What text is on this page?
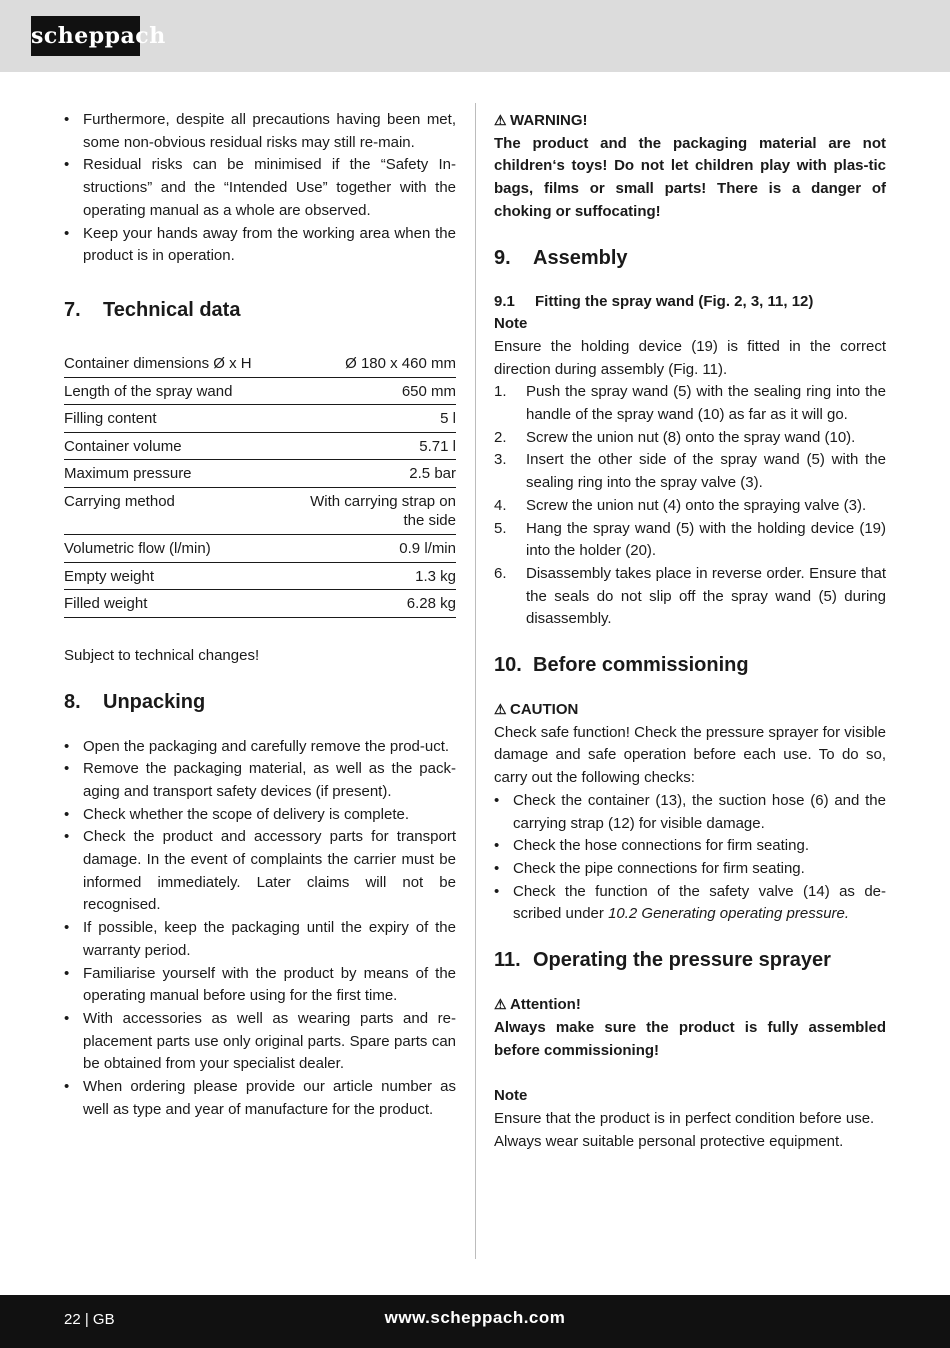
scheppach
• Furthermore, despite all precautions having been met, some non-obvious residual risks may still re-main.
• Residual risks can be minimised if the “Safety In-structions” and the “Intended Use” together with the operating manual as a whole are observed.
• Keep your hands away from the working area when the product is in operation.
7. Technical data
Container dimensions Ø x H	Ø 180 x 460 mm
Length of the spray wand	650 mm
Filling content	5 l
Container volume	5.71 l
Maximum pressure	2.5 bar
Carrying method	With carrying strap on the side
Volumetric flow (l/min)	0.9 l/min
Empty weight	1.3 kg
Filled weight	6.28 kg

Subject to technical changes!

8. Unpacking
• Open the packaging and carefully remove the prod-uct.
• Remove the packaging material, as well as the pack-aging and transport safety devices (if present).
• Check whether the scope of delivery is complete.
• Check the product and accessory parts for transport damage. In the event of complaints the carrier must be informed immediately. Later claims will not be recognised.
• If possible, keep the packaging until the expiry of the warranty period.
• Familiarise yourself with the product by means of the operating manual before using for the first time.
• With accessories as well as wearing parts and re-placement parts use only original parts. Spare parts can be obtained from your specialist dealer.
• When ordering please provide our article number as well as type and year of manufacture for the product.
⚠ WARNING!

The product and the packaging material are not children‘s toys! Do not let children play with plas-tic bags, films or small parts! There is a danger of choking or suffocating!

9. Assembly
9.1 Fitting the spray wand (Fig. 2, 3, 11, 12)
Note

Ensure the holding device (19) is fitted in the correct direction during assembly (Fig. 11).

1. Push the spray wand (5) with the sealing ring into the handle of the spray wand (10) as far as it will go.
2. Screw the union nut (8) onto the spray wand (10).
3. Insert the other side of the spray wand (5) with the sealing ring into the spray valve (3).
4. Screw the union nut (4) onto the spraying valve (3).
5. Hang the spray wand (5) with the holding device (19) into the holder (20).
6. Disassembly takes place in reverse order. Ensure that the seals do not slip off the spray wand (5) during disassembly.
10. Before commissioning
⚠ CAUTION

Check safe function! Check the pressure sprayer for visible damage and safe operation before each use. To do so, carry out the following checks:

• Check the container (13), the suction hose (6) and the carrying strap (12) for visible damage.
• Check the hose connections for firm seating.
• Check the pipe connections for firm seating.
• Check the function of the safety valve (14) as de-scribed under 10.2 Generating operating pressure.
11. Operating the pressure sprayer
⚠ Attention!

Always make sure the product is fully assembled before commissioning!

Note

Ensure that the product is in perfect condition before use.

Always wear suitable personal protective equipment.

22 | GB	www.scheppach.com
